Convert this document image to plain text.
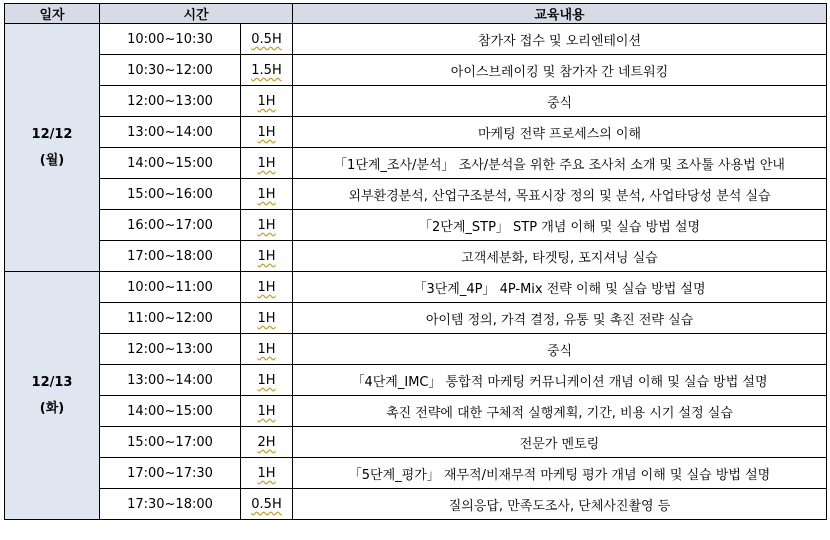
일자	시간		교육내용

12/12
(월)	10:00~10:30	0.5H	참가자 접수 및 오리엔테이션
	10:30~12:00	1.5H	아이스브레이킹 및 참가자 간 네트워킹
	12:00~13:00	1H	중식
	13:00~14:00	1H	마케팅 전략 프로세스의 이해
	14:00~15:00	1H	「1단계_조사/분석」 조사/분석을 위한 주요 조사처 소개 및 조사툴 사용법 안내
	15:00~16:00	1H	외부환경분석, 산업구조분석, 목표시장 정의 및 분석, 사업타당성 분석 실습
	16:00~17:00	1H	「2단계_STP」 STP 개념 이해 및 실습 방법 설명
	17:00~18:00	1H	고객세분화, 타겟팅, 포지셔닝 실습

12/13
(화)	10:00~11:00	1H	「3단계_4P」 4P-Mix 전략 이해 및 실습 방법 설명
	11:00~12:00	1H	아이템 정의, 가격 결정, 유통 및 촉진 전략 실습
	12:00~13:00	1H	중식
	13:00~14:00	1H	「4단계_IMC」 통합적 마케팅 커뮤니케이션 개념 이해 및 실습 방법 설명
	14:00~15:00	1H	촉진 전략에 대한 구체적 실행계획, 기간, 비용 시기 설정 실습
	15:00~17:00	2H	전문가 멘토링
	17:00~17:30	1H	「5단계_평가」 재무적/비재무적 마케팅 평가 개념 이해 및 실습 방법 설명
	17:30~18:00	0.5H	질의응답, 만족도조사, 단체사진촬영 등
